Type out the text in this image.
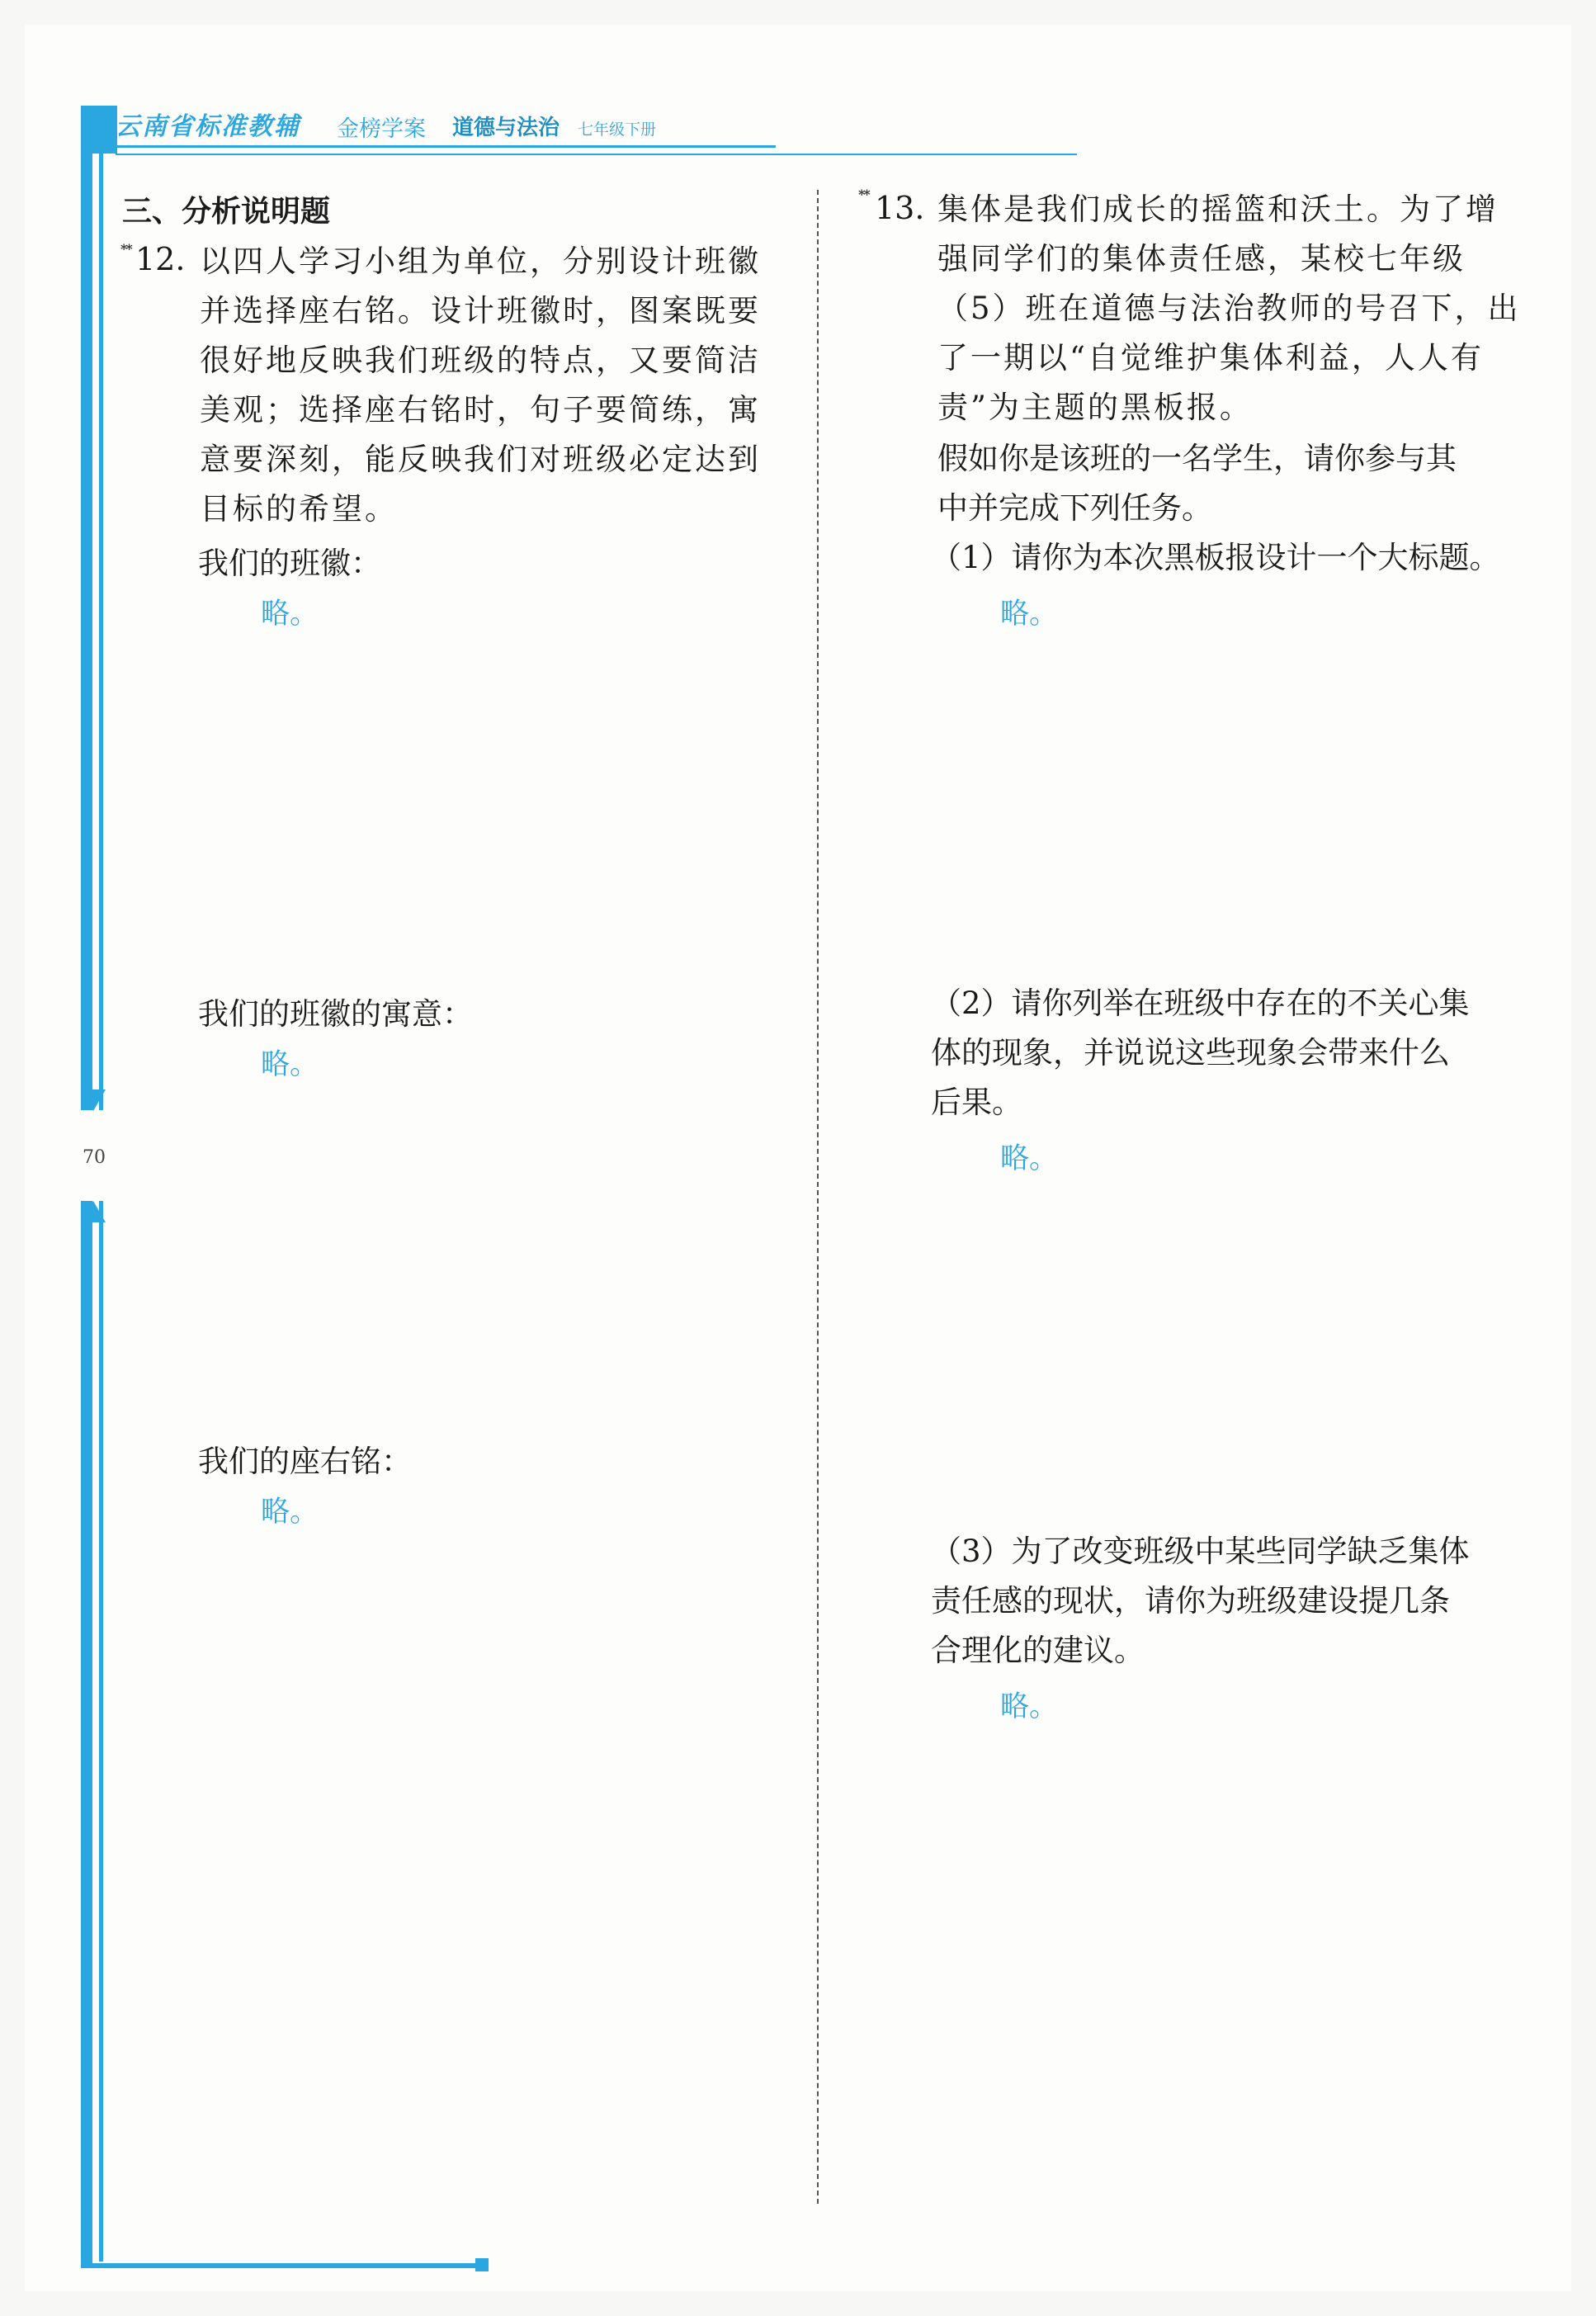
云南省标准教辅 金榜学案 道德与法治 七年级下册
70
三、分析说明题
** 12. 以四人学习小组为单位，分别设计班徽
并选择座右铭。设计班徽时，图案既要
很好地反映我们班级的特点，又要简洁
美观；选择座右铭时，句子要简练，寓
意要深刻，能反映我们对班级必定达到
目标的希望。
我们的班徽：
略。
我们的班徽的寓意：
略。
我们的座右铭：
略。
** 13. 集体是我们成长的摇篮和沃土。为了增
强同学们的集体责任感，某校七年级
（5）班在道德与法治教师的号召下，出
了一期以“自觉维护集体利益，人人有
责”为主题的黑板报。
假如你是该班的一名学生，请你参与其
中并完成下列任务。
（1）请你为本次黑板报设计一个大标题。
略。
（2）请你列举在班级中存在的不关心集
体的现象，并说说这些现象会带来什么
后果。
略。
（3）为了改变班级中某些同学缺乏集体
责任感的现状，请你为班级建设提几条
合理化的建议。
略。
